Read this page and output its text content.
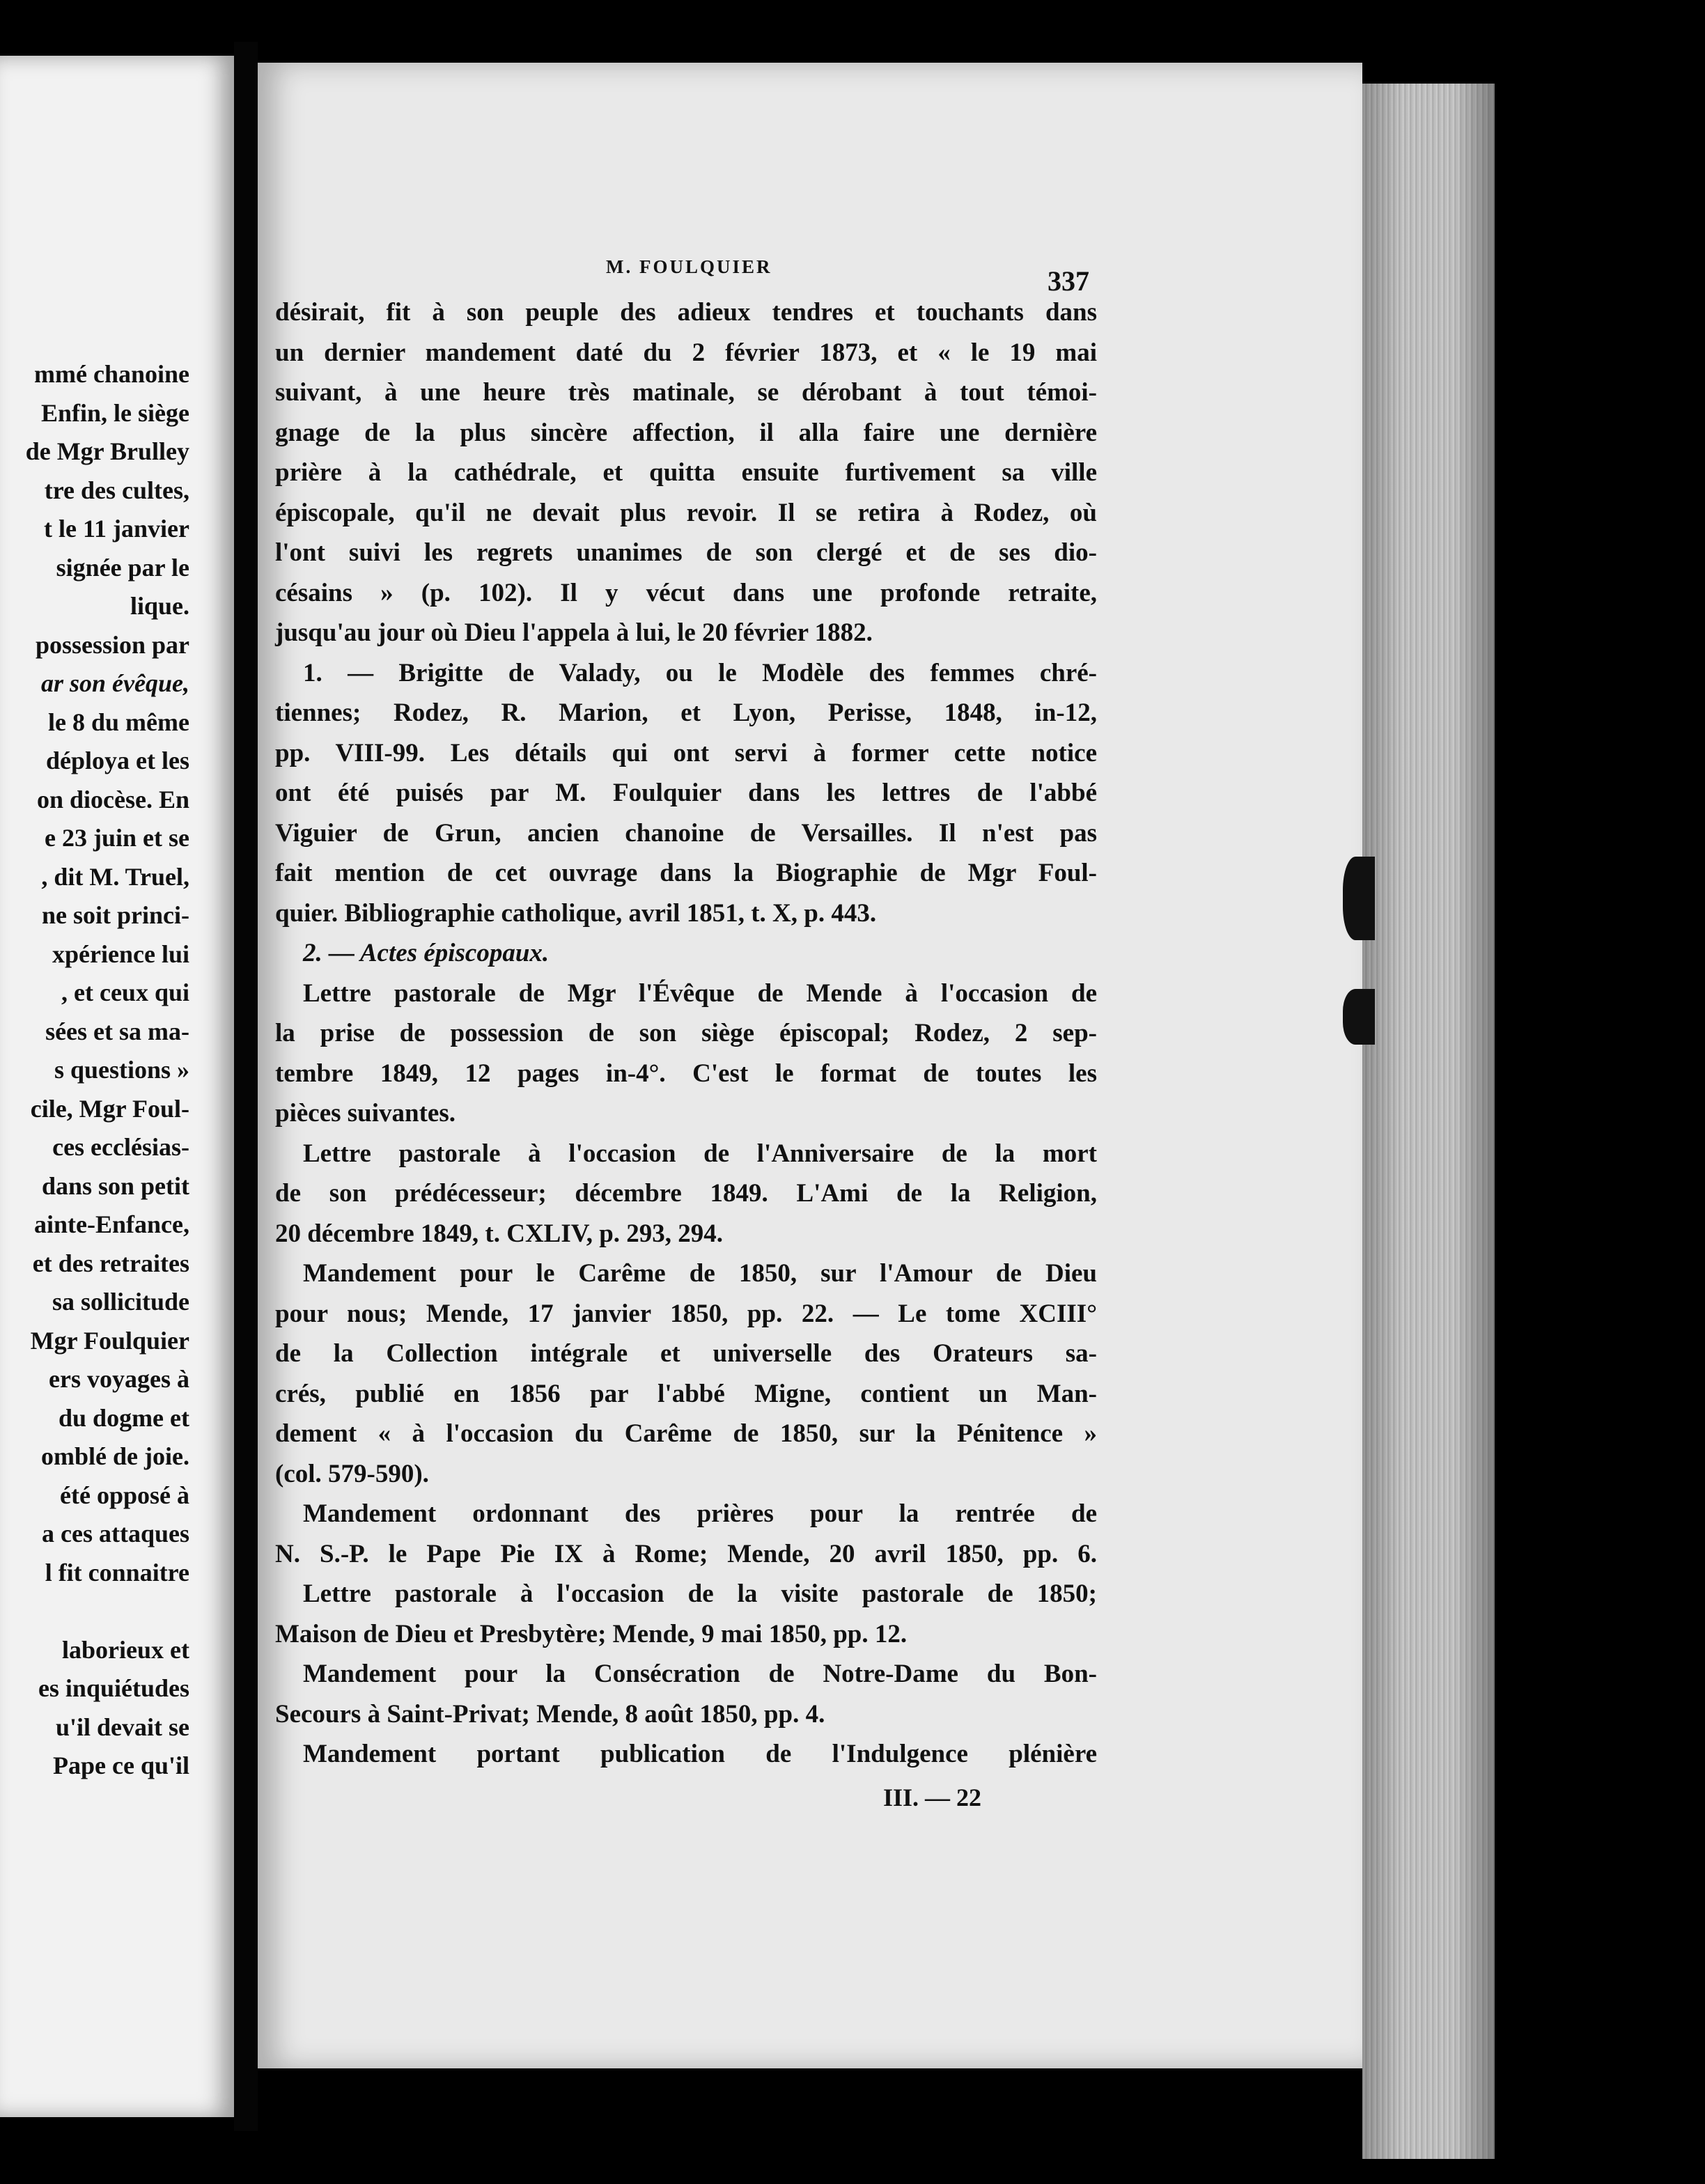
mmé chanoine
Enfin, le siège
de Mgr Brulley
tre des cultes,
t le 11 janvier
signée par le
lique.
possession par
ar son évêque,
le 8 du même
déploya et les
on diocèse. En
e 23 juin et se
, dit M. Truel,
ne soit princi-
xpérience lui
, et ceux qui
sées et sa ma-
s questions »
cile, Mgr Foul-
ces ecclésias-
dans son petit
ainte-Enfance,
et des retraites
sa sollicitude
Mgr Foulquier
ers voyages à
du dogme et
omblé de joie.
été opposé à
a ces attaques
l fit connaitre
laborieux et
es inquiétudes
u'il devait se
Pape ce qu'il
M. FOULQUIER	337
désirait, fit à son peuple des adieux tendres et touchants dans
un dernier mandement daté du 2 février 1873, et « le 19 mai
suivant, à une heure très matinale, se dérobant à tout témoi-
gnage de la plus sincère affection, il alla faire une dernière
prière à la cathédrale, et quitta ensuite furtivement sa ville
épiscopale, qu'il ne devait plus revoir. Il se retira à Rodez, où
l'ont suivi les regrets unanimes de son clergé et de ses dio-
césains » (p. 102). Il y vécut dans une profonde retraite,
jusqu'au jour où Dieu l'appela à lui, le 20 février 1882.
1. — Brigitte de Valady, ou le Modèle des femmes chré-
tiennes; Rodez, R. Marion, et Lyon, Perisse, 1848, in-12,
pp. VIII-99. Les détails qui ont servi à former cette notice
ont été puisés par M. Foulquier dans les lettres de l'abbé
Viguier de Grun, ancien chanoine de Versailles. Il n'est pas
fait mention de cet ouvrage dans la Biographie de Mgr Foul-
quier. Bibliographie catholique, avril 1851, t. X, p. 443.
2. — Actes épiscopaux.
Lettre pastorale de Mgr l'Évêque de Mende à l'occasion de
la prise de possession de son siège épiscopal; Rodez, 2 sep-
tembre 1849, 12 pages in-4°. C'est le format de toutes les
pièces suivantes.
Lettre pastorale à l'occasion de l'Anniversaire de la mort
de son prédécesseur; décembre 1849. L'Ami de la Religion,
20 décembre 1849, t. CXLIV, p. 293, 294.
Mandement pour le Carême de 1850, sur l'Amour de Dieu
pour nous; Mende, 17 janvier 1850, pp. 22. — Le tome XCIII°
de la Collection intégrale et universelle des Orateurs sa-
crés, publié en 1856 par l'abbé Migne, contient un Man-
dement « à l'occasion du Carême de 1850, sur la Pénitence »
(col. 579-590).
Mandement ordonnant des prières pour la rentrée de
N. S.-P. le Pape Pie IX à Rome; Mende, 20 avril 1850, pp. 6.
Lettre pastorale à l'occasion de la visite pastorale de 1850;
Maison de Dieu et Presbytère; Mende, 9 mai 1850, pp. 12.
Mandement pour la Consécration de Notre-Dame du Bon-
Secours à Saint-Privat; Mende, 8 août 1850, pp. 4.
Mandement portant publication de l'Indulgence plénière
III. — 22
